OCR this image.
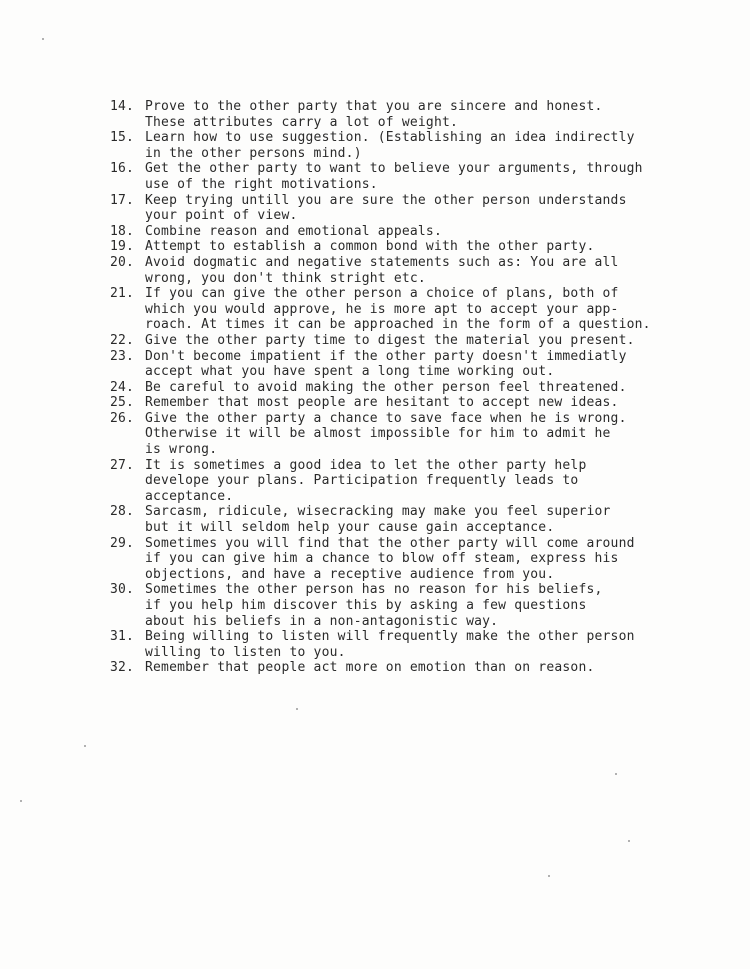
14. Prove to the other party that you are sincere and honest.
These attributes carry a lot of weight.
15. Learn how to use suggestion. (Establishing an idea indirectly
in the other persons mind.)
16. Get the other party to want to believe your arguments, through
use of the right motivations.
17. Keep trying untill you are sure the other person understands
your point of view.
18. Combine reason and emotional appeals.
19. Attempt to establish a common bond with the other party.
20. Avoid dogmatic and negative statements such as: You are all
wrong, you don't think stright etc.
21. If you can give the other person a choice of plans, both of
which you would approve, he is more apt to accept your app-
roach. At times it can be approached in the form of a question.
22. Give the other party time to digest the material you present.
23. Don't become impatient if the other party doesn't immediatly
accept what you have spent a long time working out.
24. Be careful to avoid making the other person feel threatened.
25. Remember that most people are hesitant to accept new ideas.
26. Give the other party a chance to save face when he is wrong.
Otherwise it will be almost impossible for him to admit he
is wrong.
27. It is sometimes a good idea to let the other party help
develope your plans. Participation frequently leads to
acceptance.
28. Sarcasm, ridicule, wisecracking may make you feel superior
but it will seldom help your cause gain acceptance.
29. Sometimes you will find that the other party will come around
if you can give him a chance to blow off steam, express his
objections, and have a receptive audience from you.
30. Sometimes the other person has no reason for his beliefs,
if you help him discover this by asking a few questions
about his beliefs in a non-antagonistic way.
31. Being willing to listen will frequently make the other person
willing to listen to you.
32. Remember that people act more on emotion than on reason.
